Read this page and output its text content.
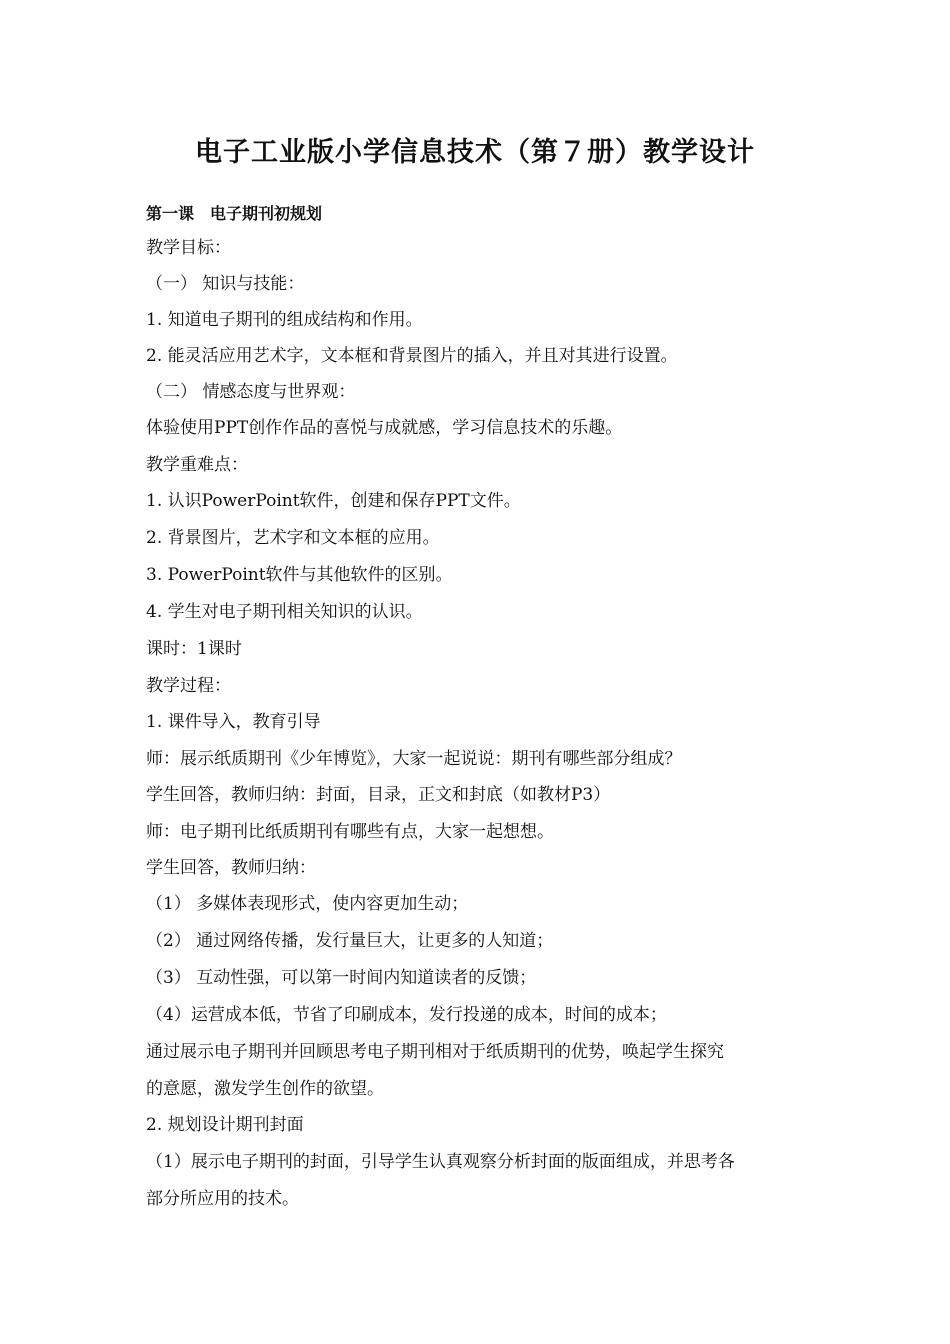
电子工业版小学信息技术（第７册）教学设计
第一课　电子期刊初规划
教学目标：
（一） 知识与技能：
1. 知道电子期刊的组成结构和作用。
2. 能灵活应用艺术字，文本框和背景图片的插入，并且对其进行设置。
（二） 情感态度与世界观：
体验使用PPT创作作品的喜悦与成就感，学习信息技术的乐趣。
教学重难点：
1. 认识PowerPoint软件，创建和保存PPT文件。
2. 背景图片，艺术字和文本框的应用。
3. PowerPoint软件与其他软件的区别。
4. 学生对电子期刊相关知识的认识。
课时：1课时
教学过程：
1. 课件导入，教育引导
师：展示纸质期刊《少年博览》，大家一起说说：期刊有哪些部分组成？
学生回答，教师归纳：封面，目录，正文和封底（如教材P3）
师：电子期刊比纸质期刊有哪些有点，大家一起想想。
学生回答，教师归纳：
（1） 多媒体表现形式，使内容更加生动；
（2） 通过网络传播，发行量巨大，让更多的人知道；
（3） 互动性强，可以第一时间内知道读者的反馈；
（4）运营成本低，节省了印刷成本，发行投递的成本，时间的成本；
通过展示电子期刊并回顾思考电子期刊相对于纸质期刊的优势，唤起学生探究
的意愿，激发学生创作的欲望。
2. 规划设计期刊封面
（1）展示电子期刊的封面，引导学生认真观察分析封面的版面组成，并思考各
部分所应用的技术。
